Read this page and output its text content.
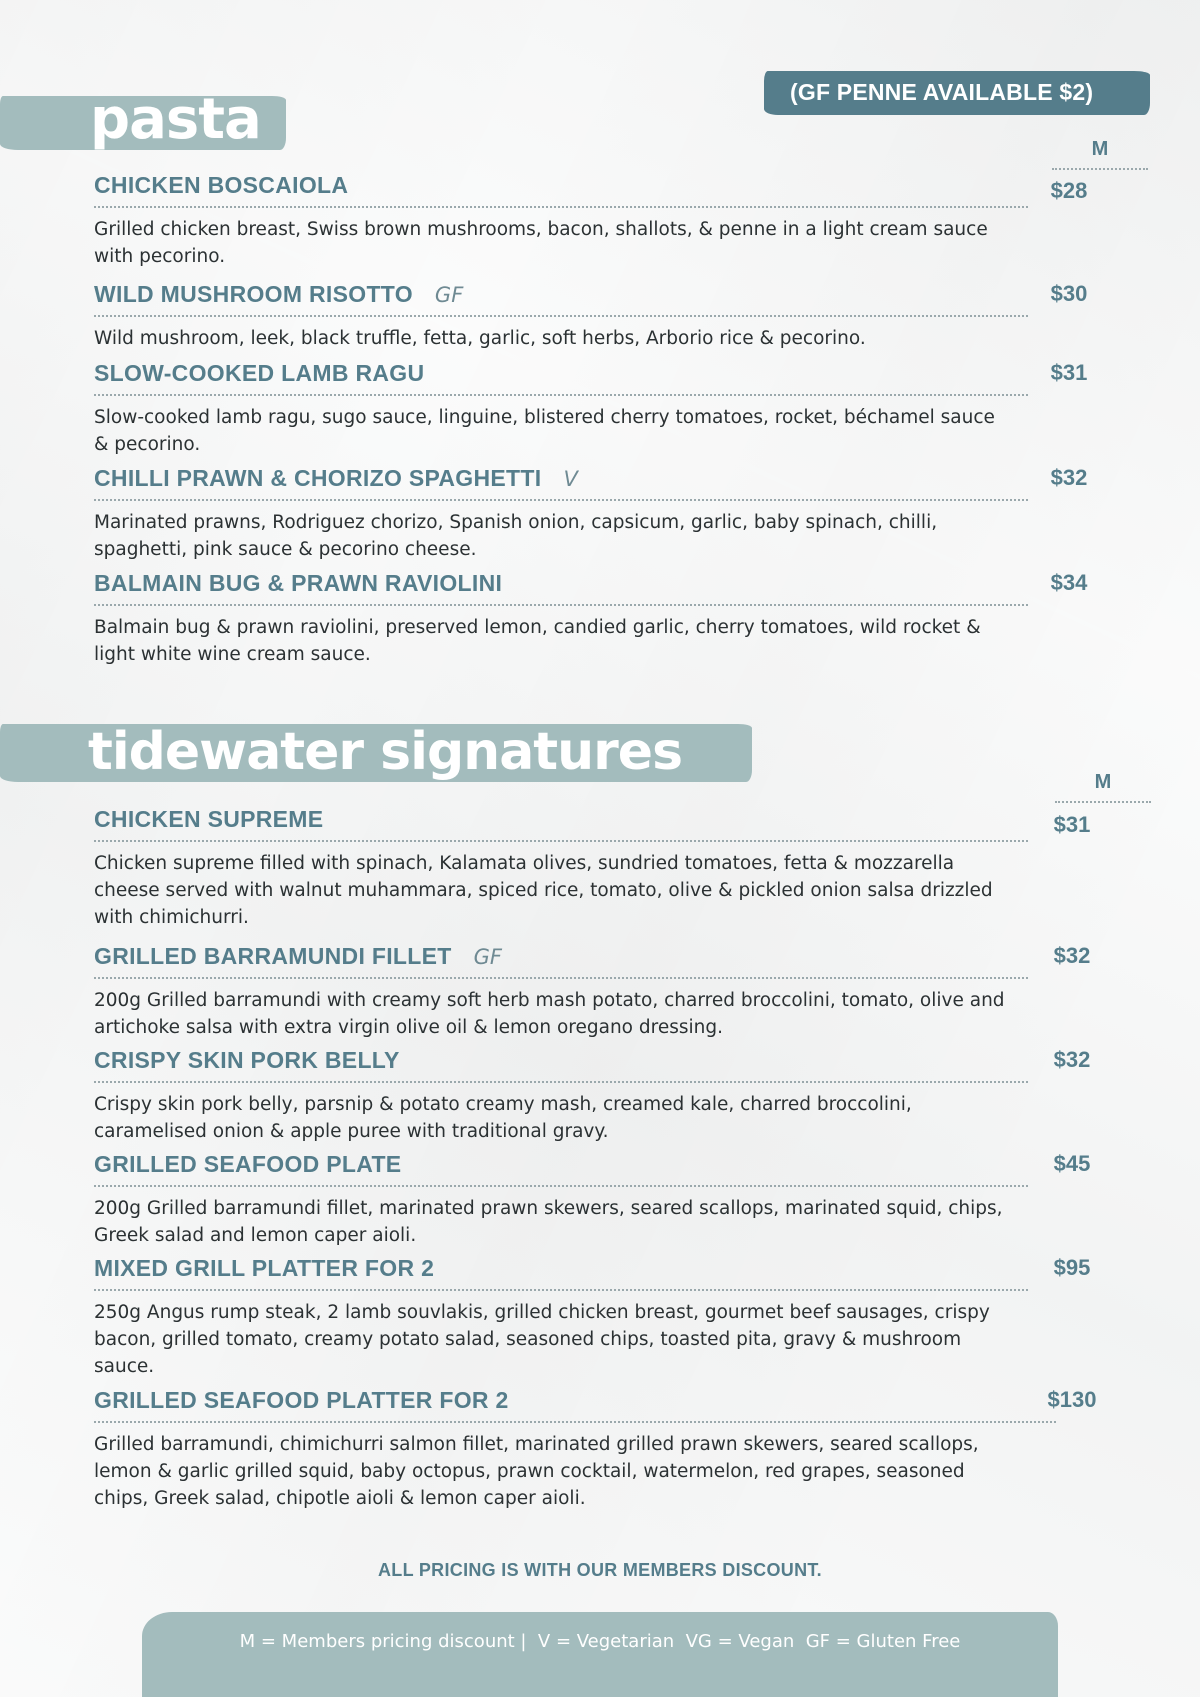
(GF PENNE AVAILABLE $2)
pasta	M
CHICKEN BOSCAIOLA	$28
Grilled chicken breast, Swiss brown mushrooms, bacon, shallots, & penne in a light cream sauce with pecorino.
WILD MUSHROOM RISOTTO GF	$30
Wild mushroom, leek, black truffle, fetta, garlic, soft herbs, Arborio rice & pecorino.
SLOW-COOKED LAMB RAGU	$31
Slow-cooked lamb ragu, sugo sauce, linguine, blistered cherry tomatoes, rocket, béchamel sauce & pecorino.
CHILLI PRAWN & CHORIZO SPAGHETTI V	$32
Marinated prawns, Rodriguez chorizo, Spanish onion, capsicum, garlic, baby spinach, chilli, spaghetti, pink sauce & pecorino cheese.
BALMAIN BUG & PRAWN RAVIOLINI	$34
Balmain bug & prawn raviolini, preserved lemon, candied garlic, cherry tomatoes, wild rocket & light white wine cream sauce.
tidewater signatures	M
CHICKEN SUPREME	$31
Chicken supreme filled with spinach, Kalamata olives, sundried tomatoes, fetta & mozzarella cheese served with walnut muhammara, spiced rice, tomato, olive & pickled onion salsa drizzled with chimichurri.
GRILLED BARRAMUNDI FILLET GF	$32
200g Grilled barramundi with creamy soft herb mash potato, charred broccolini, tomato, olive and artichoke salsa with extra virgin olive oil & lemon oregano dressing.
CRISPY SKIN PORK BELLY	$32
Crispy skin pork belly, parsnip & potato creamy mash, creamed kale, charred broccolini, caramelised onion & apple puree with traditional gravy.
GRILLED SEAFOOD PLATE	$45
200g Grilled barramundi fillet, marinated prawn skewers, seared scallops, marinated squid, chips, Greek salad and lemon caper aioli.
MIXED GRILL PLATTER FOR 2	$95
250g Angus rump steak, 2 lamb souvlakis, grilled chicken breast, gourmet beef sausages, crispy bacon, grilled tomato, creamy potato salad, seasoned chips, toasted pita, gravy & mushroom sauce.
GRILLED SEAFOOD PLATTER FOR 2	$130
Grilled barramundi, chimichurri salmon fillet, marinated grilled prawn skewers, seared scallops, lemon & garlic grilled squid, baby octopus, prawn cocktail, watermelon, red grapes, seasoned chips, Greek salad, chipotle aioli & lemon caper aioli.
ALL PRICING IS WITH OUR MEMBERS DISCOUNT.
M = Members pricing discount |  V = Vegetarian  VG = Vegan  GF = Gluten Free
